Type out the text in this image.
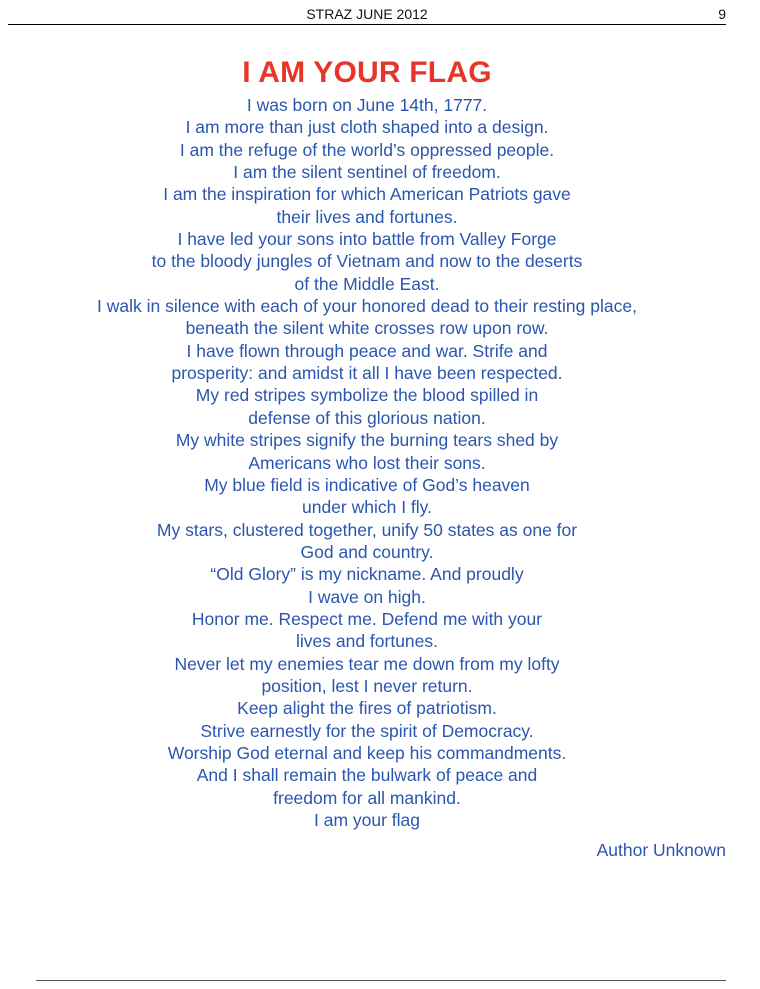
STRAZ JUNE 2012	9
I AM YOUR FLAG
I was born on June 14th, 1777.
I am more than just cloth shaped into a design.
I am the refuge of the world’s oppressed people.
I am the silent sentinel of freedom.
I am the inspiration for which American Patriots gave
their lives and fortunes.
I have led your sons into battle from Valley Forge
to the bloody jungles of Vietnam and now to the deserts
of the Middle East.
I walk in silence with each of your honored dead to their resting place,
beneath the silent white crosses row upon row.
I have flown through peace and war. Strife and
prosperity: and amidst it all I have been respected.
My red stripes symbolize the blood spilled in
defense of this glorious nation.
My white stripes signify the burning tears shed by
Americans who lost their sons.
My blue field is indicative of God’s heaven
under which I fly.
My stars, clustered together, unify 50 states as one for
God and country.
“Old Glory” is my nickname. And proudly
I wave on high.
Honor me. Respect me. Defend me with your
lives and fortunes.
Never let my enemies tear me down from my lofty
position, lest I never return.
Keep alight the fires of patriotism.
Strive earnestly for the spirit of Democracy.
Worship God eternal and keep his commandments.
And I shall remain the bulwark of peace and
freedom for all mankind.
I am your flag
Author Unknown
